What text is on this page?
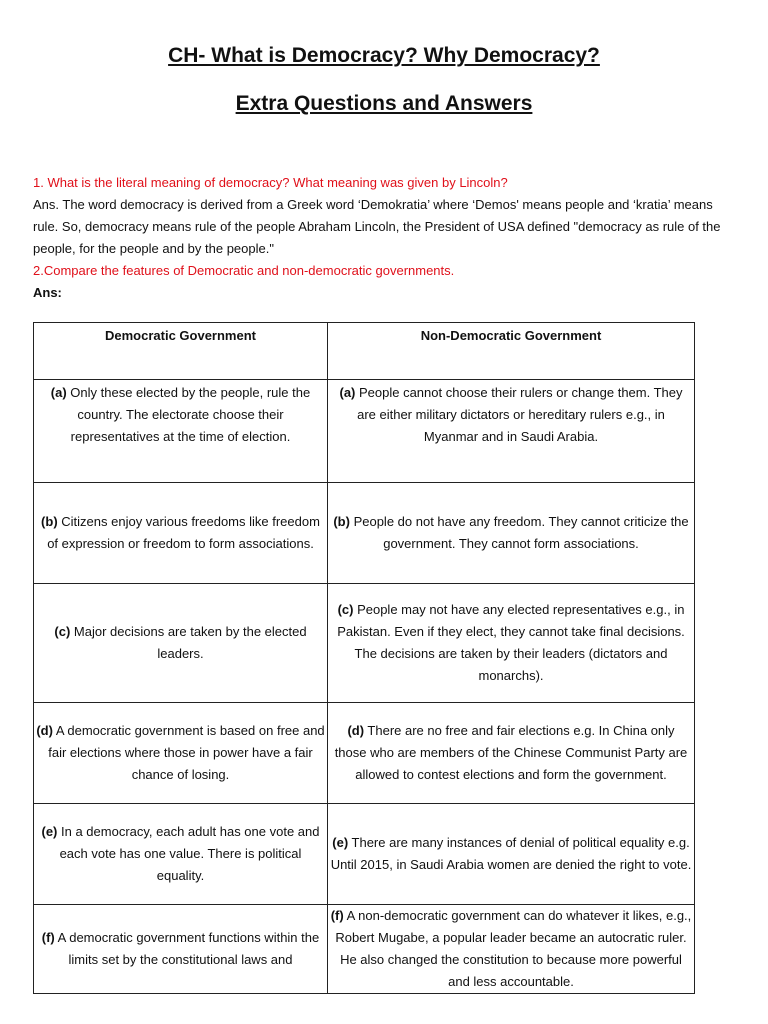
CH- What is Democracy? Why Democracy?
Extra Questions and Answers
1. What is the literal meaning of democracy? What meaning was given by Lincoln?
Ans. The word democracy is derived from a Greek word ‘Demokratia’ where ‘Demos' means people and ‘kratia’ means rule. So, democracy means rule of the people Abraham Lincoln, the President of USA defined "democracy as rule of the people, for the people and by the people."
2.Compare the features of Democratic and non-democratic governments.
Ans:
Democratic Government	Non-Democratic Government
(a) Only these elected by the people, rule the country. The electorate choose their representatives at the time of election.	(a) People cannot choose their rulers or change them. They are either military dictators or hereditary rulers e.g., in Myanmar and in Saudi Arabia.
(b) Citizens enjoy various freedoms like freedom of expression or freedom to form associations.	(b) People do not have any freedom. They cannot criticize the government. They cannot form associations.
(c) Major decisions are taken by the elected leaders.	(c) People may not have any elected representatives e.g., in Pakistan. Even if they elect, they cannot take final decisions. The decisions are taken by their leaders (dictators and monarchs).
(d) A democratic government is based on free and fair elections where those in power have a fair chance of losing.	(d) There are no free and fair elections e.g. In China only those who are members of the Chinese Communist Party are allowed to contest elections and form the government.
(e) In a democracy, each adult has one vote and each vote has one value. There is political equality.	(e) There are many instances of denial of political equality e.g. Until 2015, in Saudi Arabia women are denied the right to vote.
(f) A democratic government functions within the limits set by the constitutional laws and	(f) A non-democratic government can do whatever it likes, e.g., Robert Mugabe, a popular leader became an autocratic ruler. He also changed the constitution to because more powerful and less accountable.
